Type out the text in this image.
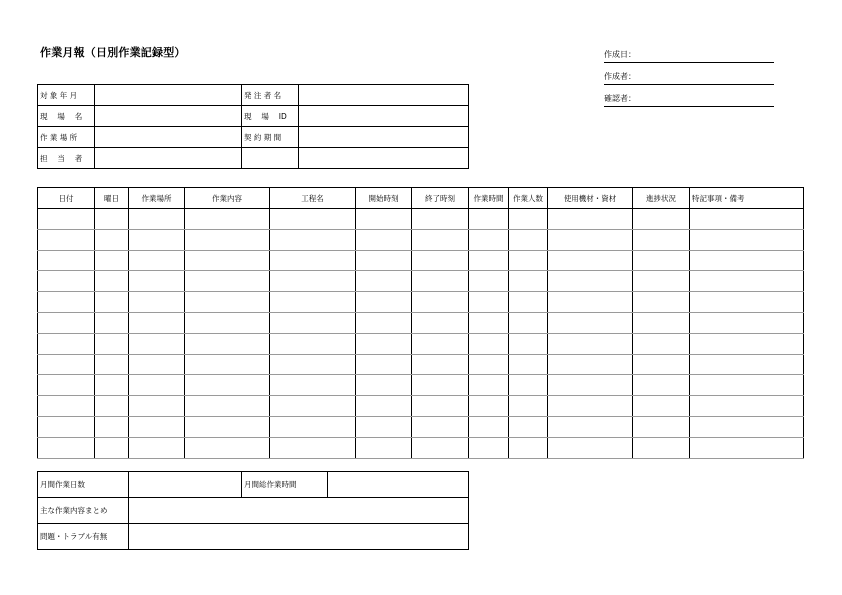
作業月報（日別作業記録型）	作成日：
作成者：
確認者：
対 象 年 月		発 注 者 名	
現　 場　 名		現　 場　 ID	
作 業 場 所		契 約 期 間	
担　 当　 者			
日付	曜日	作業場所	作業内容	工程名	開始時刻	終了時刻	作業時間	作業人数	使用機材・資材	進捗状況	特記事項・備考

月間作業日数		月間総作業時間	
主な作業内容まとめ			
問題・トラブル有無			
